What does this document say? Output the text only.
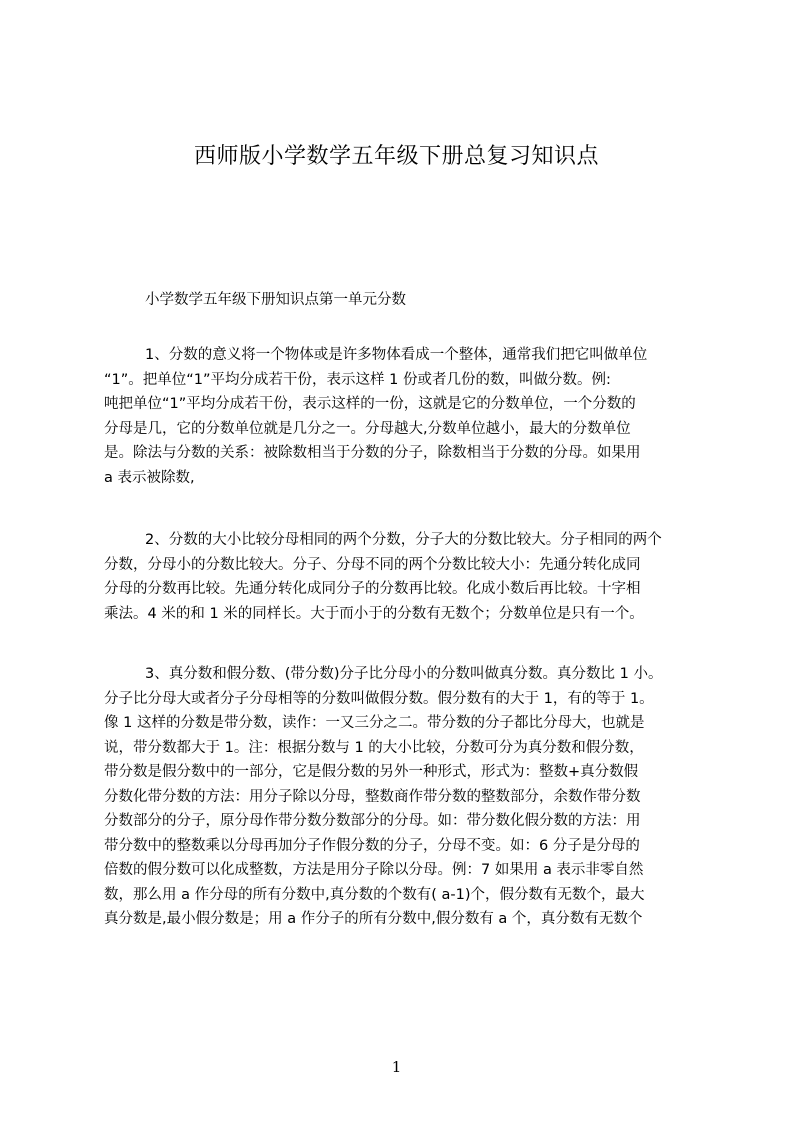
西师版小学数学五年级下册总复习知识点
小学数学五年级下册知识点第一单元分数
1、分数的意义将一个物体或是许多物体看成一个整体，通常我们把它叫做单位
“1”。把单位“1”平均分成若干份，表示这样 1 份或者几份的数，叫做分数。例:
吨把单位“1”平均分成若干份，表示这样的一份，这就是它的分数单位，一个分数的
分母是几，它的分数单位就是几分之一。分母越大,分数单位越小，最大的分数单位
是。除法与分数的关系：被除数相当于分数的分子，除数相当于分数的分母。如果用
a 表示被除数,
2、分数的大小比较分母相同的两个分数，分子大的分数比较大。分子相同的两个
分数，分母小的分数比较大。分子、分母不同的两个分数比较大小：先通分转化成同
分母的分数再比较。先通分转化成同分子的分数再比较。化成小数后再比较。十字相
乘法。4 米的和 1 米的同样长。大于而小于的分数有无数个；分数单位是只有一个。
3、真分数和假分数、(带分数)分子比分母小的分数叫做真分数。真分数比 1 小。
分子比分母大或者分子分母相等的分数叫做假分数。假分数有的大于 1，有的等于 1。
像 1 这样的分数是带分数，读作：一又三分之二。带分数的分子都比分母大，也就是
说，带分数都大于 1。注：根据分数与 1 的大小比较，分数可分为真分数和假分数，
带分数是假分数中的一部分，它是假分数的另外一种形式，形式为：整数+真分数假
分数化带分数的方法：用分子除以分母，整数商作带分数的整数部分，余数作带分数
分数部分的分子，原分母作带分数分数部分的分母。如：带分数化假分数的方法：用
带分数中的整数乘以分母再加分子作假分数的分子，分母不变。如：6 分子是分母的
倍数的假分数可以化成整数，方法是用分子除以分母。例：7 如果用 a 表示非零自然
数，那么用 a 作分母的所有分数中,真分数的个数有( a-1)个，假分数有无数个，最大
真分数是,最小假分数是；用 a 作分子的所有分数中,假分数有 a 个，真分数有无数个
1
